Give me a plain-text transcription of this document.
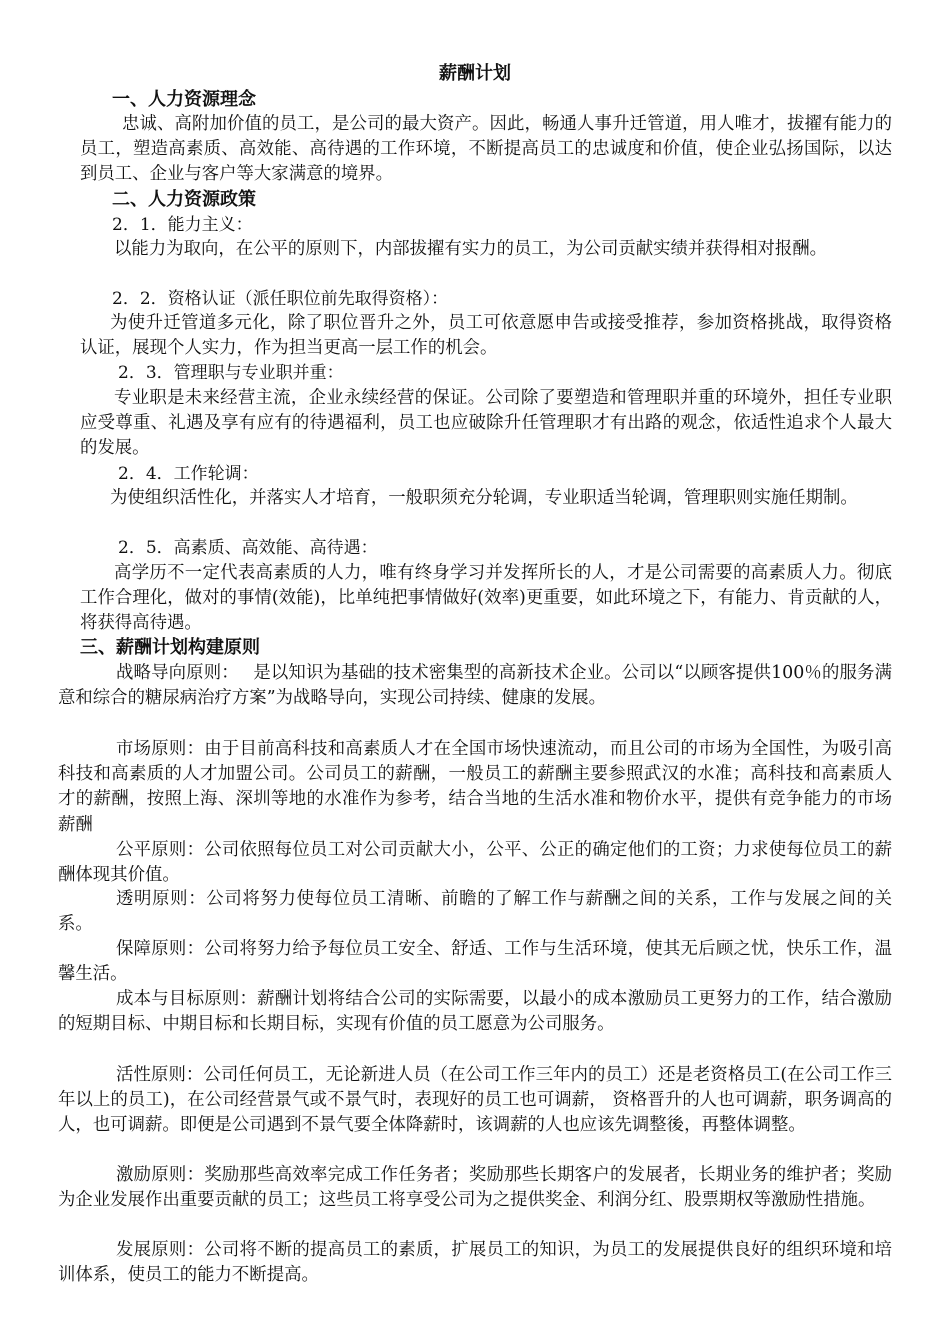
薪酬计划
一、人力资源理念

忠诚、高附加价值的员工，是公司的最大资产。因此，畅通人事升迁管道，用人唯才，拔擢有能力的员工，塑造高素质、高效能、高待遇的工作环境，不断提高员工的忠诚度和价值，使企业弘扬国际，以达到员工、企业与客户等大家满意的境界。

二、人力资源政策
2．1．能力主义：

以能力为取向，在公平的原则下，内部拔擢有实力的员工，为公司贡献实绩并获得相对报酬。

2．2．资格认证（派任职位前先取得资格）：

为使升迁管道多元化，除了职位晋升之外，员工可依意愿申告或接受推荐，参加资格挑战，取得资格认证，展现个人实力，作为担当更高一层工作的机会。

2．3．管理职与专业职并重：

专业职是未来经营主流，企业永续经营的保证。公司除了要塑造和管理职并重的环境外，担任专业职应受尊重、礼遇及享有应有的待遇福利，员工也应破除升任管理职才有出路的观念，依适性追求个人最大的发展。

2．4．工作轮调：

为使组织活性化，并落实人才培育，一般职须充分轮调，专业职适当轮调，管理职则实施任期制。

2．5．高素质、高效能、高待遇：

高学历不一定代表高素质的人力，唯有终身学习并发挥所长的人，才是公司需要的高素质人力。彻底工作合理化，做对的事情(效能)，比单纯把事情做好(效率)更重要，如此环境之下，有能力、肯贡献的人，将获得高待遇。

三、薪酬计划构建原则

战略导向原则：　 是以知识为基础的技术密集型的高新技术企业。公司以“以顾客提供100％的服务满意和综合的糖尿病治疗方案”为战略导向，实现公司持续、健康的发展。

市场原则：由于目前高科技和高素质人才在全国市场快速流动，而且公司的市场为全国性，为吸引高科技和高素质的人才加盟公司。公司员工的薪酬，一般员工的薪酬主要参照武汉的水准；高科技和高素质人才的薪酬，按照上海、深圳等地的水准作为参考，结合当地的生活水准和物价水平，提供有竞争能力的市场薪酬

公平原则：公司依照每位员工对公司贡献大小，公平、公正的确定他们的工资；力求使每位员工的薪酬体现其价值。

透明原则：公司将努力使每位员工清晰、前瞻的了解工作与薪酬之间的关系，工作与发展之间的关系。

保障原则：公司将努力给予每位员工安全、舒适、工作与生活环境，使其无后顾之忧，快乐工作，温馨生活。

成本与目标原则：薪酬计划将结合公司的实际需要，以最小的成本激励员工更努力的工作，结合激励的短期目标、中期目标和长期目标，实现有价值的员工愿意为公司服务。

活性原则：公司任何员工，无论新进人员（在公司工作三年内的员工）还是老资格员工(在公司工作三年以上的员工)，在公司经营景气或不景气时，表现好的员工也可调薪， 资格晋升的人也可调薪，职务调高的人，也可调薪。即便是公司遇到不景气要全体降薪时，该调薪的人也应该先调整後，再整体调整。

激励原则：奖励那些高效率完成工作任务者；奖励那些长期客户的发展者，长期业务的维护者；奖励为企业发展作出重要贡献的员工；这些员工将享受公司为之提供奖金、利润分红、股票期权等激励性措施。

发展原则：公司将不断的提高员工的素质，扩展员工的知识，为员工的发展提供良好的组织环境和培训体系，使员工的能力不断提高。
